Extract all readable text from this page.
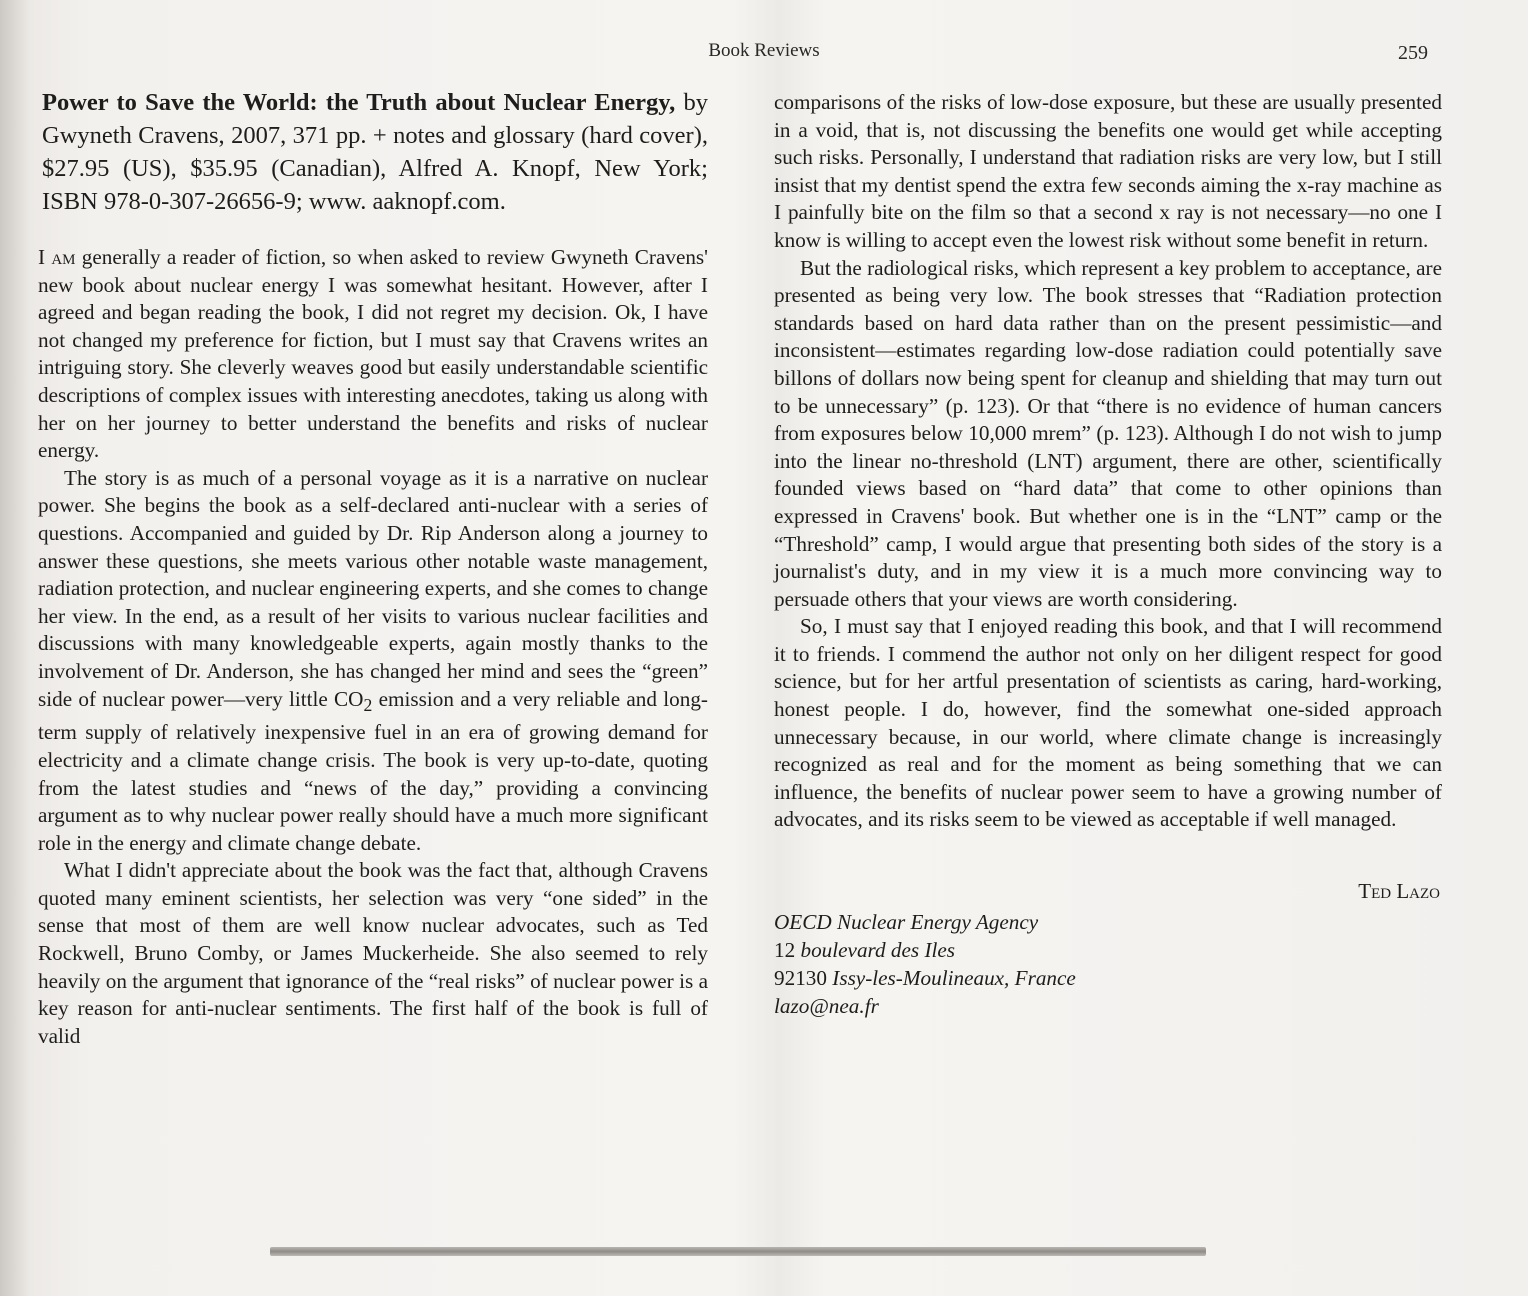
Book Reviews	259
Power to Save the World: the Truth about Nuclear Energy, by Gwyneth Cravens, 2007, 371 pp. + notes and glossary (hard cover), $27.95 (US), $35.95 (Canadian), Alfred A. Knopf, New York; ISBN 978-0-307-26656-9; www. aaknopf.com.

I am generally a reader of fiction, so when asked to review Gwyneth Cravens' new book about nuclear energy I was somewhat hesitant. However, after I agreed and began reading the book, I did not regret my decision. Ok, I have not changed my preference for fiction, but I must say that Cravens writes an intriguing story. She cleverly weaves good but easily understandable scientific descriptions of complex issues with interesting anecdotes, taking us along with her on her journey to better understand the benefits and risks of nuclear energy.

The story is as much of a personal voyage as it is a narrative on nuclear power. She begins the book as a self-declared anti-nuclear with a series of questions. Accompanied and guided by Dr. Rip Anderson along a journey to answer these questions, she meets various other notable waste management, radiation protection, and nuclear engineering experts, and she comes to change her view. In the end, as a result of her visits to various nuclear facilities and discussions with many knowledgeable experts, again mostly thanks to the involvement of Dr. Anderson, she has changed her mind and sees the “green” side of nuclear power—very little $CO_2$ emission and a very reliable and long-term supply of relatively inexpensive fuel in an era of growing demand for electricity and a climate change crisis. The book is very up-to-date, quoting from the latest studies and “news of the day,” providing a convincing argument as to why nuclear power really should have a much more significant role in the energy and climate change debate.

What I didn't appreciate about the book was the fact that, although Cravens quoted many eminent scientists, her selection was very “one sided” in the sense that most of them are well know nuclear advocates, such as Ted Rockwell, Bruno Comby, or James Muckerheide. She also seemed to rely heavily on the argument that ignorance of the “real risks” of nuclear power is a key reason for anti-nuclear sentiments. The first half of the book is full of valid

comparisons of the risks of low-dose exposure, but these are usually presented in a void, that is, not discussing the benefits one would get while accepting such risks. Personally, I understand that radiation risks are very low, but I still insist that my dentist spend the extra few seconds aiming the x-ray machine as I painfully bite on the film so that a second x ray is not necessary—no one I know is willing to accept even the lowest risk without some benefit in return.

But the radiological risks, which represent a key problem to acceptance, are presented as being very low. The book stresses that “Radiation protection standards based on hard data rather than on the present pessimistic—and inconsistent—estimates regarding low-dose radiation could potentially save billons of dollars now being spent for cleanup and shielding that may turn out to be unnecessary” (p. 123). Or that “there is no evidence of human cancers from exposures below 10,000 mrem” (p. 123). Although I do not wish to jump into the linear no-threshold (LNT) argument, there are other, scientifically founded views based on “hard data” that come to other opinions than expressed in Cravens' book. But whether one is in the “LNT” camp or the “Threshold” camp, I would argue that presenting both sides of the story is a journalist's duty, and in my view it is a much more convincing way to persuade others that your views are worth considering.

So, I must say that I enjoyed reading this book, and that I will recommend it to friends. I commend the author not only on her diligent respect for good science, but for her artful presentation of scientists as caring, hard-working, honest people. I do, however, find the somewhat one-sided approach unnecessary because, in our world, where climate change is increasingly recognized as real and for the moment as being something that we can influence, the benefits of nuclear power seem to have a growing number of advocates, and its risks seem to be viewed as acceptable if well managed.

Ted Lazo
OECD Nuclear Energy Agency
12 boulevard des Iles
92130 Issy-les-Moulineaux, France
lazo@nea.fr
